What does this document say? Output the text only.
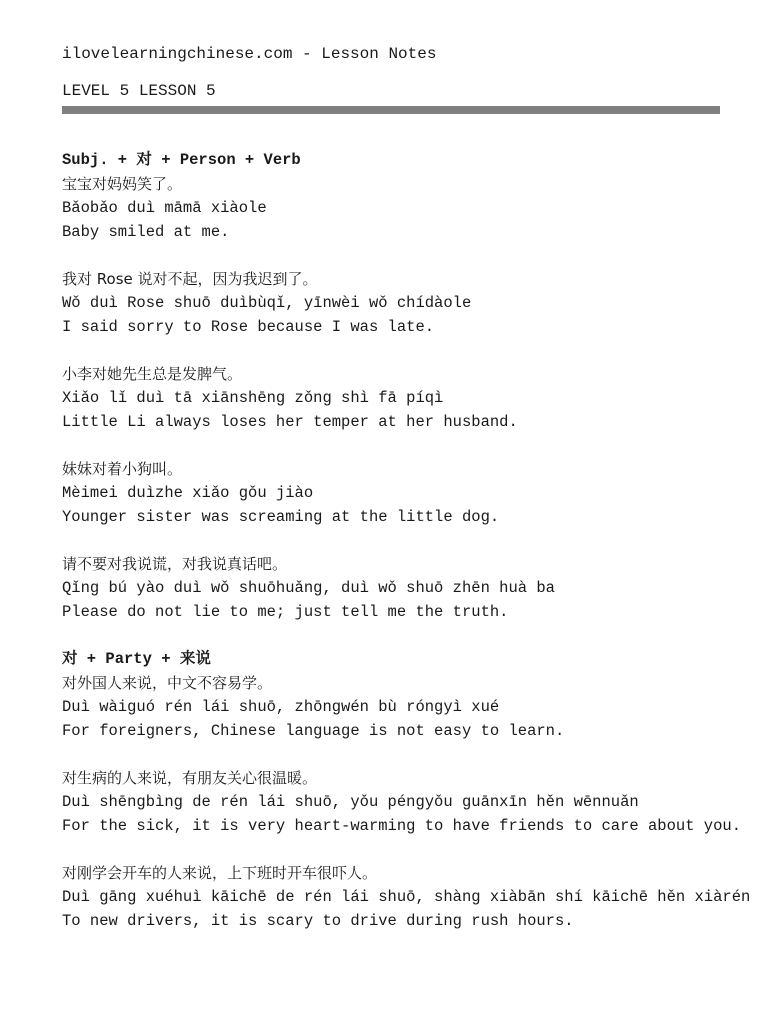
ilovelearningchinese.com - Lesson Notes
LEVEL 5 LESSON 5
Subj. + 对 + Person + Verb
宝宝对妈妈笑了。
Bǎobǎo duì māmā xiàole
Baby smiled at me.
我对 Rose 说对不起，因为我迟到了。
Wǒ duì Rose shuō duìbùqǐ, yīnwèi wǒ chídàole
I said sorry to Rose because I was late.
小李对她先生总是发脾气。
Xiǎo lǐ duì tā xiānshēng zǒng shì fā píqì
Little Li always loses her temper at her husband.
妹妹对着小狗叫。
Mèimei duìzhe xiǎo gǒu jiào
Younger sister was screaming at the little dog.
请不要对我说谎，对我说真话吧。
Qǐng bú yào duì wǒ shuōhuǎng, duì wǒ shuō zhēn huà ba
Please do not lie to me; just tell me the truth.
对 + Party + 来说
对外国人来说，中文不容易学。
Duì wàiguó rén lái shuō, zhōngwén bù róngyì xué
For foreigners, Chinese language is not easy to learn.
对生病的人来说，有朋友关心很温暖。
Duì shēngbìng de rén lái shuō, yǒu péngyǒu guānxīn hěn wēnnuǎn
For the sick, it is very heart-warming to have friends to care about you.
对刚学会开车的人来说，上下班时开车很吓人。
Duì gāng xuéhuì kāichē de rén lái shuō, shàng xiàbān shí kāichē hěn xiàrén
To new drivers, it is scary to drive during rush hours.
